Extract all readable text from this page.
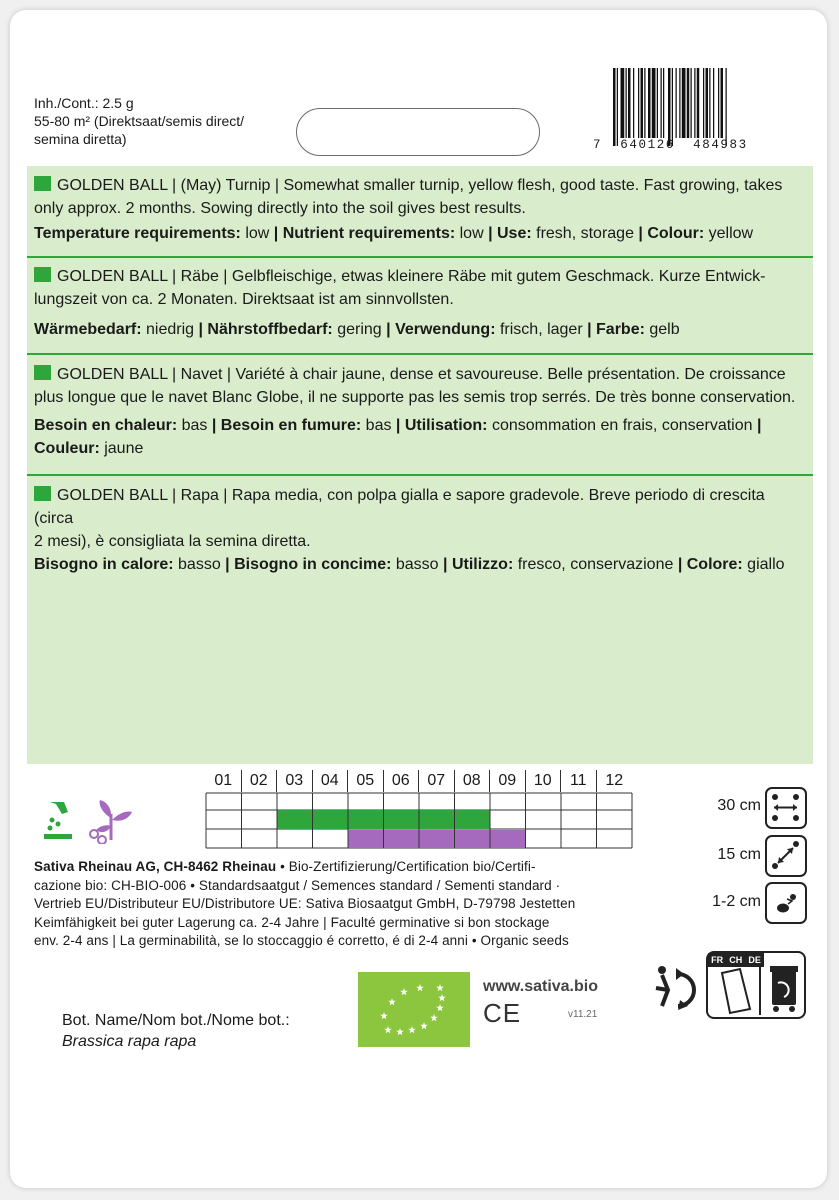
Inh./Cont.: 2.5 g
55-80 m² (Direktsaat/semis direct/
semina diretta)	7  640126  484983
GOLDEN BALL | (May) Turnip | Somewhat smaller turnip, yellow flesh, good taste. Fast growing, takes
only approx. 2 months. Sowing directly into the soil gives best results.
Temperature requirements: low | Nutrient requirements: low | Use: fresh, storage | Colour: yellow
GOLDEN BALL | Räbe | Gelbfleischige, etwas kleinere Räbe mit gutem Geschmack. Kurze Entwick-
lungszeit von ca. 2 Monaten. Direktsaat ist am sinnvollsten.
Wärmebedarf: niedrig | Nährstoffbedarf: gering | Verwendung: frisch, lager | Farbe: gelb
GOLDEN BALL | Navet | Variété à chair jaune, dense et savoureuse. Belle présentation. De croissance
plus longue que le navet Blanc Globe, il ne supporte pas les semis trop serrés. De très bonne conservation.
Besoin en chaleur: bas | Besoin en fumure: bas | Utilisation: consommation en frais, conservation |
Couleur: jaune
GOLDEN BALL | Rapa | Rapa media, con polpa gialla e sapore gradevole. Breve periodo di crescita (circa
2 mesi), è consigliata la semina diretta.
Bisogno in calore: basso | Bisogno in concime: basso | Utilizzo: fresco, conservazione | Colore: giallo
01	02	03	04	05	06	07	08	09	10	11	12
30 cm
15 cm
1-2 cm
Sativa Rheinau AG, CH-8462 Rheinau • Bio-Zertifizierung/Certification bio/Certifi-
cazione bio: CH-BIO-006 • Standardsaatgut / Semences standard / Sementi standard ·
Vertrieb EU/Distributeur EU/Distributore UE: Sativa Biosaatgut GmbH, D-79798 Jestetten
Keimfähigkeit bei guter Lagerung ca. 2-4 Jahre | Faculté germinative si bon stockage
env. 2-4 ans | La germinabilità, se lo stoccaggio é corretto, é di 2-4 anni • Organic seeds
Bot. Name/Nom bot./Nome bot.:
Brassica rapa rapa
www.sativa.bio
CE	v11.21
FR CH DE
